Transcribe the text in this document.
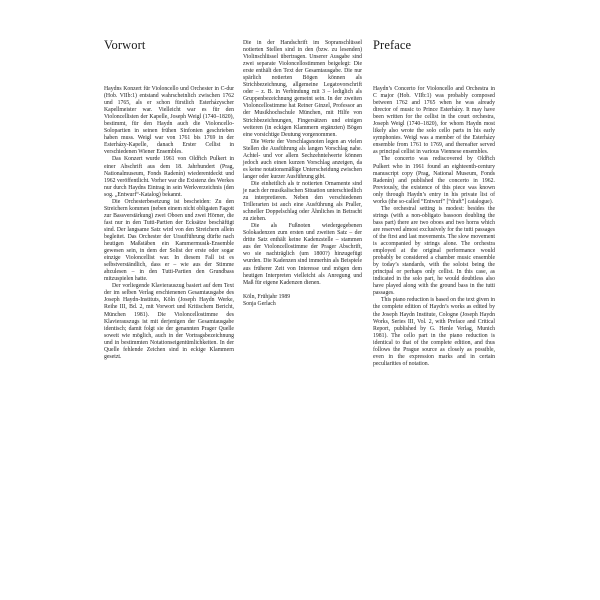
Vorwort	Preface

Haydns Konzert für Violoncello und Orchester in C-dur (Hob. VIIb:1) entstand wahrscheinlich zwischen 1762 und 1765, als er schon fürstlich Esterházyscher Kapellmeister war. Vielleicht war es für den Violoncellisten der Kapelle, Joseph Weigl (1740–1820), bestimmt, für den Haydn auch die Violoncello-Solopartien in seinen frühen Sinfonien geschrieben haben muss. Weigl war von 1761 bis 1769 in der Esterházy-Kapelle, danach Erster Cellist in verschiedenen Wiener Ensembles.

Das Konzert wurde 1961 von Oldřich Pulkert in einer Abschrift aus dem 18. Jahrhundert (Prag, Nationalmuseum, Fonds Radenín) wiederentdeckt und 1962 veröffentlicht. Vorher war die Existenz des Werkes nur durch Haydns Eintrag in sein Werkverzeichnis (den sog. „Entwurf“-Katalog) bekannt.

Die Orchesterbesetzung ist bescheiden: Zu den Streichern kommen (neben einem nicht obligaten Fagott zur Bassverstärkung) zwei Oboen und zwei Hörner, die fast nur in den Tutti-Partien der Ecksätze beschäftigt sind. Der langsame Satz wird von den Streichern allein begleitet. Das Orchester der Uraufführung dürfte nach heutigen Maßstäben ein Kammermusik-Ensemble gewesen sein, in dem der Solist der erste oder sogar einzige Violoncellist war. In diesem Fall ist es selbstverständlich, dass er – wie aus der Stimme abzulesen – in den Tutti-Partien den Grundbass mitzuspielen hatte.

Der vorliegende Klavierauszug basiert auf dem Text der im selben Verlag erschienenen Gesamtausgabe des Joseph Haydn-Instituts, Köln (Joseph Haydn Werke, Reihe III, Bd. 2, mit Vorwort und Kritischem Bericht, München 1981). Die Violoncellostimme des Klavierauszugs ist mit derjenigen der Gesamtausgabe identisch; damit folgt sie der genannten Prager Quelle soweit wie möglich, auch in der Vortragsbezeichnung und in bestimmten Notationseigentümlichkeiten. In der Quelle fehlende Zeichen sind in eckige Klammern gesetzt.

Die in der Handschrift im Sopranschlüssel notierten Stellen sind in den (bzw. zu lesenden) Violinschlüssel übertragen. Unserer Ausgabe sind zwei separate Violoncellostimmen beigelegt: Die erste enthält den Text der Gesamtausgabe. Die nur spärlich notierten Bögen können als Strichbezeichnung, allgemeine Legatovorschrift oder – z. B. in Verbindung mit 3 – lediglich als Gruppenbezeichnung gemeint sein. In der zweiten Violoncellostimme hat Reiner Ginzel, Professor an der Musikhochschule München, mit Hilfe von Strichbezeichnungen, Fingersätzen und einigen weiteren (in eckigen Klammern ergänzten) Bögen eine vorsichtige Deutung vorgenommen.

Die Werte der Vorschlagsnoten legen an vielen Stellen die Ausführung als langen Vorschlag nahe. Achtel- und vor allem Sechzehntelwerte können jedoch auch einen kurzen Vorschlag anzeigen, da es keine notationsmäßige Unterscheidung zwischen langer oder kurzer Ausführung gibt.

Die einheitlich als tr notierten Ornamente sind je nach der musikalischen Situation unterschiedlich zu interpretieren. Neben den verschiedenen Trillerarten ist auch eine Ausführung als Praller, schneller Doppelschlag oder Ähnliches in Betracht zu ziehen.

Die als Fußnoten wiedergegebenen Solokadenzen zum ersten und zweiten Satz – der dritte Satz enthält keine Kadenzstelle – stammen aus der Violoncellostimme der Prager Abschrift, wo sie nachträglich (um 1800?) hinzugefügt wurden. Die Kadenzen sind immerhin als Beispiele aus früherer Zeit von Interesse und mögen dem heutigen Interpreten vielleicht als Anregung und Maß für eigene Kadenzen dienen.

Köln, Frühjahr 1989

Sonja Gerlach

Haydn’s Concerto for Violoncello and Orchestra in C major (Hob. VIIb:1) was probably composed between 1762 and 1765 when he was already director of music to Prince Esterházy. It may have been written for the cellist in the court orchestra, Joseph Weigl (1740–1820), for whom Haydn most likely also wrote the solo cello parts in his early symphonies. Weigl was a member of the Esterházy ensemble from 1761 to 1769, and thereafter served as principal cellist in various Viennese ensembles.

The concerto was rediscovered by Oldřich Pulkert who in 1961 found an eighteenth-century manuscript copy (Prag, National Museum, Fonds Radenín) and published the concerto in 1962. Previously, the existence of this piece was known only through Haydn’s entry in his private list of works (the so-called “Entwurf” [“draft”] catalogue).

The orchestral setting is modest: besides the strings (with a non-obligato bassoon doubling the bass part) there are two oboes and two horns which are reserved almost exclusively for the tutti passages of the first and last movements. The slow movement is accompanied by strings alone. The orchestra employed at the original performance would probably be considered a chamber music ensemble by today’s standards, with the soloist being the principal or perhaps only cellist. In this case, as indicated in the solo part, he would doubtless also have played along with the ground bass in the tutti passages.

This piano reduction is based on the text given in the complete edition of Haydn’s works as edited by the Joseph Haydn Institute, Cologne (Joseph Haydn Works, Series III, Vol. 2, with Preface and Critical Report, published by G. Henle Verlag, Munich 1981). The cello part in the piano reduction is identical to that of the complete edition, and thus follows the Prague source as closely as possible, even in the expression marks and in certain peculiarities of notation.
